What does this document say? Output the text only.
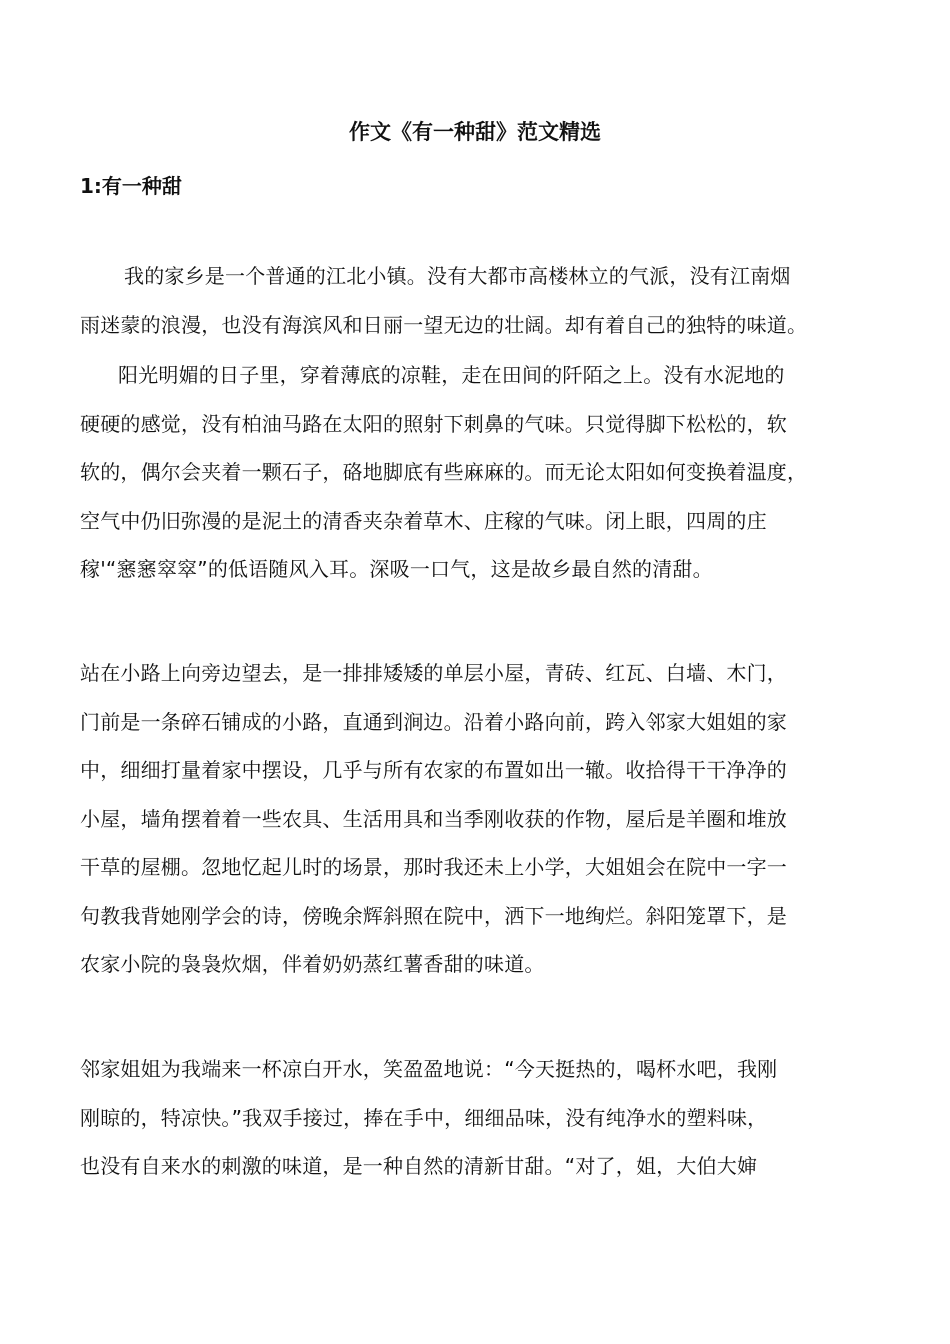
作文《有一种甜》范文精选
1:有一种甜

我的家乡是一个普通的江北小镇。没有大都市高楼林立的气派，没有江南烟
雨迷蒙的浪漫，也没有海滨风和日丽一望无边的壮阔。却有着自己的独特的味道。

阳光明媚的日子里，穿着薄底的凉鞋，走在田间的阡陌之上。没有水泥地的
硬硬的感觉，没有柏油马路在太阳的照射下刺鼻的气味。只觉得脚下松松的，软
软的，偶尔会夹着一颗石子，硌地脚底有些麻麻的。而无论太阳如何变换着温度，
空气中仍旧弥漫的是泥土的清香夹杂着草木、庄稼的气味。闭上眼，四周的庄
稼'“窸窸窣窣”的低语随风入耳。深吸一口气，这是故乡最自然的清甜。

站在小路上向旁边望去，是一排排矮矮的单层小屋，青砖、红瓦、白墙、木门，
门前是一条碎石铺成的小路，直通到涧边。沿着小路向前，跨入邻家大姐姐的家
中，细细打量着家中摆设，几乎与所有农家的布置如出一辙。收拾得干干净净的
小屋，墙角摆着着一些农具、生活用具和当季刚收获的作物，屋后是羊圈和堆放
干草的屋棚。忽地忆起儿时的场景，那时我还未上小学，大姐姐会在院中一字一
句教我背她刚学会的诗，傍晚余辉斜照在院中，洒下一地绚烂。斜阳笼罩下，是
农家小院的袅袅炊烟，伴着奶奶蒸红薯香甜的味道。

邻家姐姐为我端来一杯凉白开水，笑盈盈地说：“今天挺热的，喝杯水吧，我刚
刚晾的，特凉快。”我双手接过，捧在手中，细细品味，没有纯净水的塑料味，
也没有自来水的刺激的味道，是一种自然的清新甘甜。“对了，姐，大伯大婶
